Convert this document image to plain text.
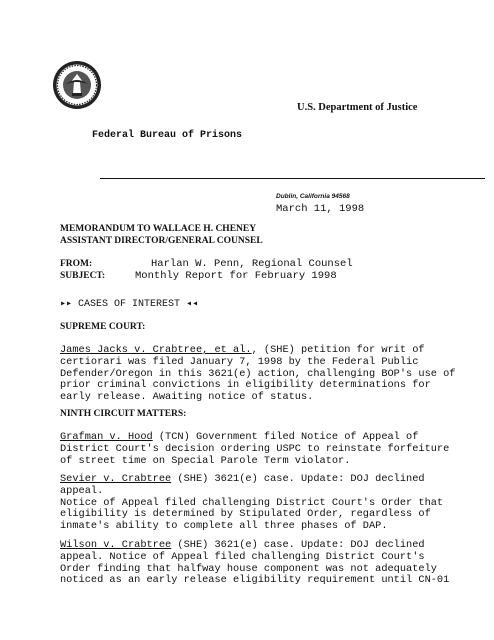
U.S. Department of Justice
Federal Bureau of Prisons
Dublin, California 94568
March 11, 1998
MEMORANDUM TO WALLACE H. CHENEY
ASSISTANT DIRECTOR/GENERAL COUNSEL
FROM:	Harlan W. Penn, Regional Counsel
SUBJECT:	Monthly Report for February 1998
▸▸ CASES OF INTEREST ◂◂
SUPREME COURT:
James Jacks v. Crabtree, et al., (SHE) petition for writ of
certiorari was filed January 7, 1998 by the Federal Public
Defender/Oregon in this 3621(e) action, challenging BOP's use of
prior criminal convictions in eligibility determinations for
early release. Awaiting notice of status.
NINTH CIRCUIT MATTERS:
Grafman v. Hood (TCN) Government filed Notice of Appeal of
District Court's decision ordering USPC to reinstate forfeiture
of street time on Special Parole Term violator.
Sevier v. Crabtree (SHE) 3621(e) case. Update: DOJ declined
appeal.
Notice of Appeal filed challenging District Court's Order that
eligibility is determined by Stipulated Order, regardless of
inmate's ability to complete all three phases of DAP.
Wilson v. Crabtree (SHE) 3621(e) case. Update: DOJ declined
appeal. Notice of Appeal filed challenging District Court's
Order finding that halfway house component was not adequately
noticed as an early release eligibility requirement until CN-01
